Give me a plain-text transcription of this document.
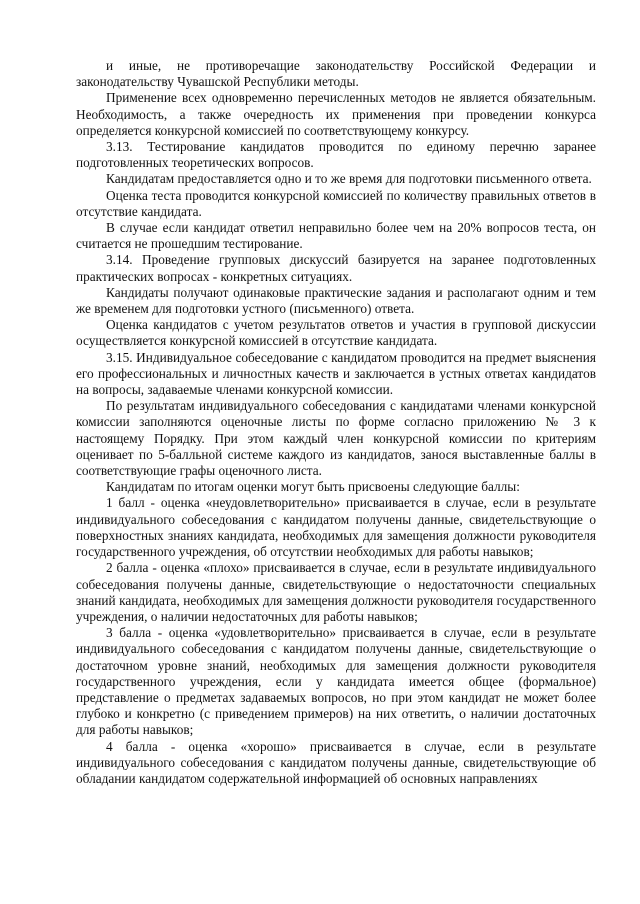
и иные, не противоречащие законодательству Российской Федерации и законодательству Чувашской Республики методы.

Применение всех одновременно перечисленных методов не является обязательным. Необходимость, а также очередность их применения при проведении конкурса определяется конкурсной комиссией по соответствующему конкурсу.

3.13. Тестирование кандидатов проводится по единому перечню заранее подготовленных теоретических вопросов.

Кандидатам предоставляется одно и то же время для подготовки письменного ответа.

Оценка теста проводится конкурсной комиссией по количеству правильных ответов в отсутствие кандидата.

В случае если кандидат ответил неправильно более чем на 20% вопросов теста, он считается не прошедшим тестирование.

3.14. Проведение групповых дискуссий базируется на заранее подготовленных практических вопросах - конкретных ситуациях.

Кандидаты получают одинаковые практические задания и располагают одним и тем же временем для подготовки устного (письменного) ответа.

Оценка кандидатов с учетом результатов ответов и участия в групповой дискуссии осуществляется конкурсной комиссией в отсутствие кандидата.

3.15. Индивидуальное собеседование с кандидатом проводится на предмет выяснения его профессиональных и личностных качеств и заключается в устных ответах кандидатов на вопросы, задаваемые членами конкурсной комиссии.

По результатам индивидуального собеседования с кандидатами членами конкурсной комиссии заполняются оценочные листы по форме согласно приложению № 3 к настоящему Порядку. При этом каждый член конкурсной комиссии по критериям оценивает по 5-балльной системе каждого из кандидатов, занося выставленные баллы в соответствующие графы оценочного листа.

Кандидатам по итогам оценки могут быть присвоены следующие баллы:

1 балл - оценка «неудовлетворительно» присваивается в случае, если в результате индивидуального собеседования с кандидатом получены данные, свидетельствующие о поверхностных знаниях кандидата, необходимых для замещения должности руководителя государственного учреждения, об отсутствии необходимых для работы навыков;

2 балла - оценка «плохо» присваивается в случае, если в результате индивидуального собеседования получены данные, свидетельствующие о недостаточности специальных знаний кандидата, необходимых для замещения должности руководителя государственного учреждения, о наличии недостаточных для работы навыков;

3 балла - оценка «удовлетворительно» присваивается в случае, если в результате индивидуального собеседования с кандидатом получены данные, свидетельствующие о достаточном уровне знаний, необходимых для замещения должности руководителя государственного учреждения, если у кандидата имеется общее (формальное) представление о предметах задаваемых вопросов, но при этом кандидат не может более глубоко и конкретно (с приведением примеров) на них ответить, о наличии достаточных для работы навыков;

4 балла - оценка «хорошо» присваивается в случае, если в результате индивидуального собеседования с кандидатом получены данные, свидетельствующие об обладании кандидатом содержательной информацией об основных направлениях
